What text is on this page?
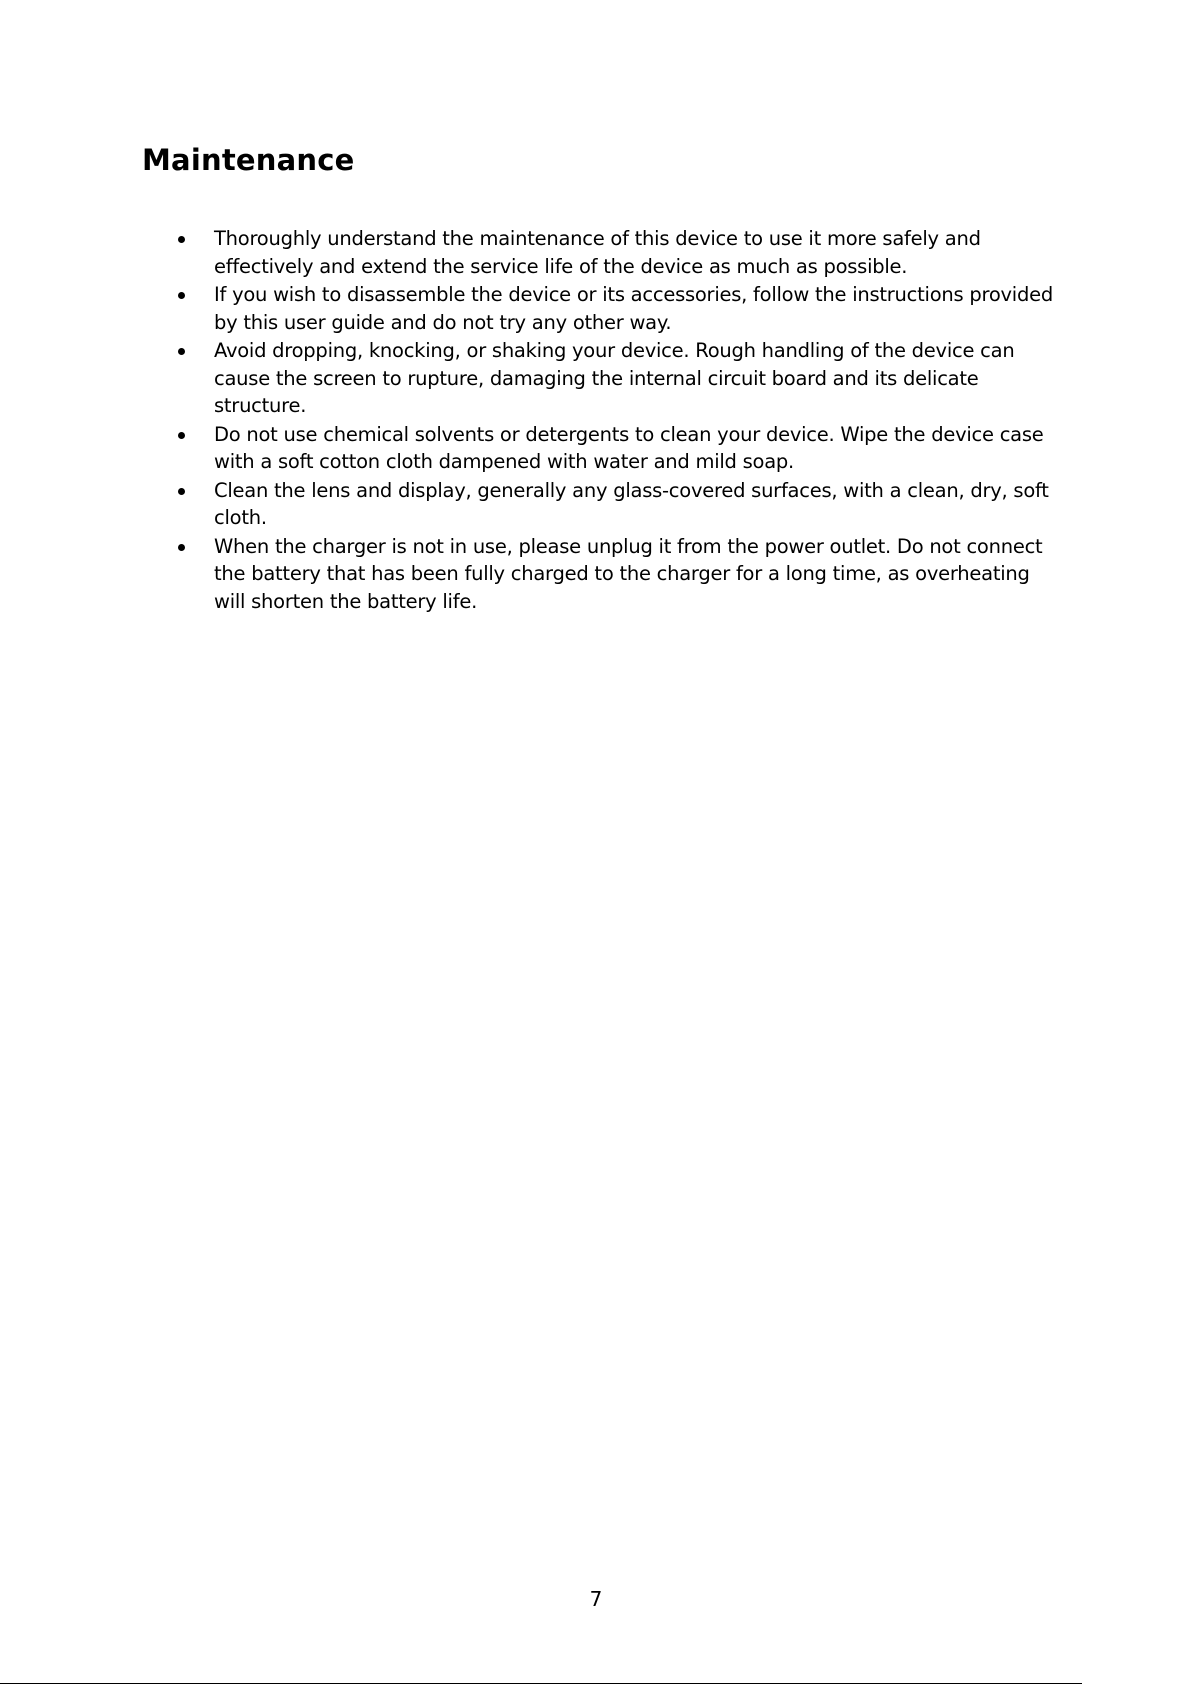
Maintenance
Thoroughly understand the maintenance of this device to use it more safely and effectively and extend the service life of the device as much as possible.
If you wish to disassemble the device or its accessories, follow the instructions provided by this user guide and do not try any other way.
Avoid dropping, knocking, or shaking your device. Rough handling of the device can cause the screen to rupture, damaging the internal circuit board and its delicate structure.
Do not use chemical solvents or detergents to clean your device. Wipe the device case with a soft cotton cloth dampened with water and mild soap.
Clean the lens and display, generally any glass-covered surfaces, with a clean, dry, soft cloth.
When the charger is not in use, please unplug it from the power outlet. Do not connect the battery that has been fully charged to the charger for a long time, as overheating will shorten the battery life.
7
